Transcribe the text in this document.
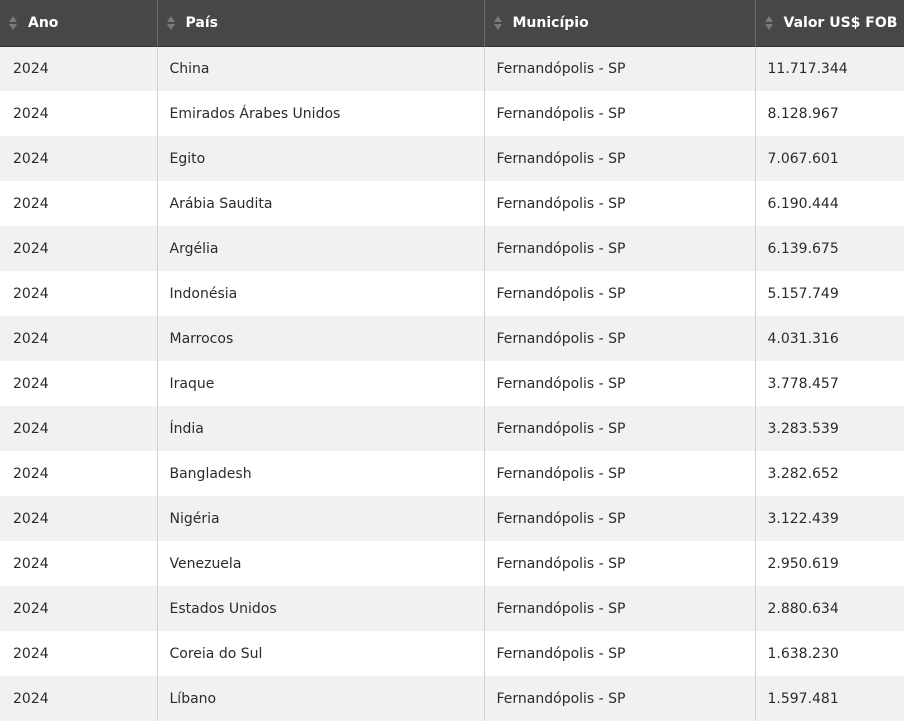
Ano	País	Município	Valor US$ FOB
2024	China	Fernandópolis - SP	11.717.344
2024	Emirados Árabes Unidos	Fernandópolis - SP	8.128.967
2024	Egito	Fernandópolis - SP	7.067.601
2024	Arábia Saudita	Fernandópolis - SP	6.190.444
2024	Argélia	Fernandópolis - SP	6.139.675
2024	Indonésia	Fernandópolis - SP	5.157.749
2024	Marrocos	Fernandópolis - SP	4.031.316
2024	Iraque	Fernandópolis - SP	3.778.457
2024	Índia	Fernandópolis - SP	3.283.539
2024	Bangladesh	Fernandópolis - SP	3.282.652
2024	Nigéria	Fernandópolis - SP	3.122.439
2024	Venezuela	Fernandópolis - SP	2.950.619
2024	Estados Unidos	Fernandópolis - SP	2.880.634
2024	Coreia do Sul	Fernandópolis - SP	1.638.230
2024	Líbano	Fernandópolis - SP	1.597.481
